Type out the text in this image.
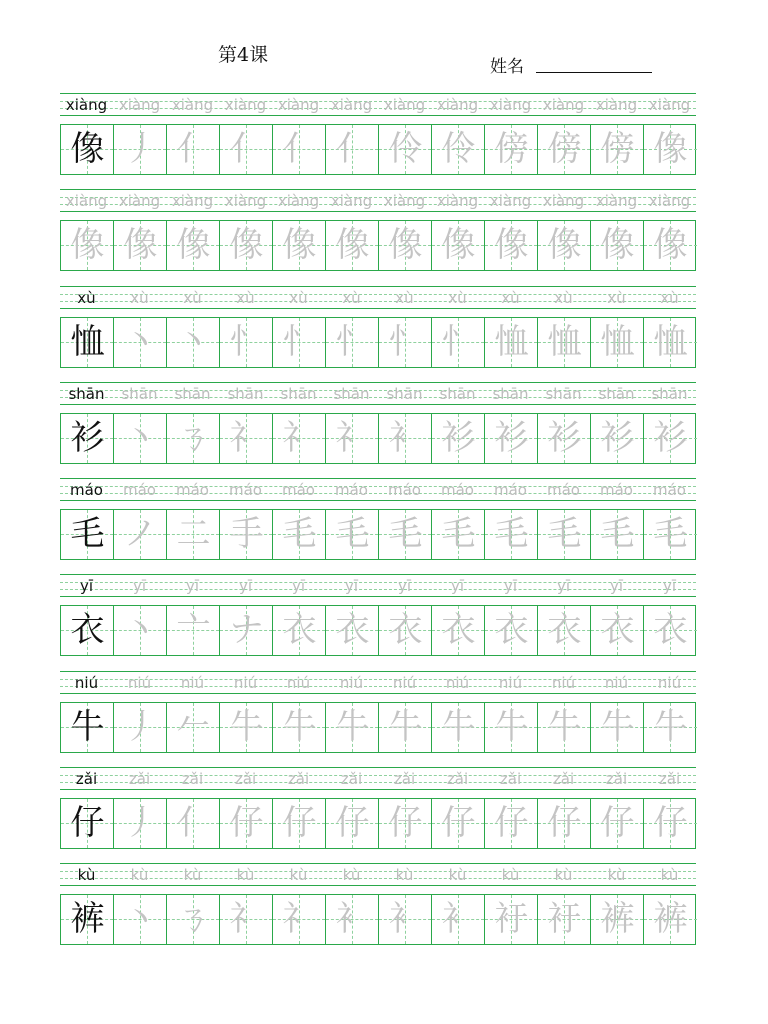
第4课
姓名
xiàng xiàng xiàng xiàng xiàng xiàng xiàng xiàng xiàng xiàng xiàng xiàng
像 丿 亻 亻 亻 亻 伶 伶 傍 傍 傍 像
xiàng xiàng xiàng xiàng xiàng xiàng xiàng xiàng xiàng xiàng xiàng xiàng
像 像 像 像 像 像 像 像 像 像 像 像
xù	xù	xù	xù	xù	xù	xù	xù	xù	xù	xù	xù
恤 丶 丶 忄 忄 忄 忄 忄 恤 恤 恤 恤
shān	shān	shān	shān	shān	shān	shān	shān	shān	shān	shān	shān
衫 丶 ㄋ 礻 礻 礻 衤 衫 衫 衫 衫 衫
máo	máo	máo	máo	máo	máo	máo	máo	máo	máo	máo	máo
毛 ノ 二 手 毛 毛 毛 毛 毛 毛 毛 毛
yī	yī	yī	yī	yī	yī	yī	yī	yī	yī	yī	yī
衣 丶 亠 ナ 衣 衣 衣 衣 衣 衣 衣 衣
niú	niú	niú	niú	niú	niú	niú	niú	niú	niú	niú	niú
牛 丿 𠂉 牛 牛 牛 牛 牛 牛 牛 牛 牛
zǎi	zǎi	zǎi	zǎi	zǎi	zǎi	zǎi	zǎi	zǎi	zǎi	zǎi	zǎi
仔 丿 亻 仔 仔 仔 仔 仔 仔 仔 仔 仔
kù	kù	kù	kù	kù	kù	kù	kù	kù	kù	kù	kù
裤 丶 ㄋ 礻 礻 衤 衤 衤 衧 衧 裤 裤
